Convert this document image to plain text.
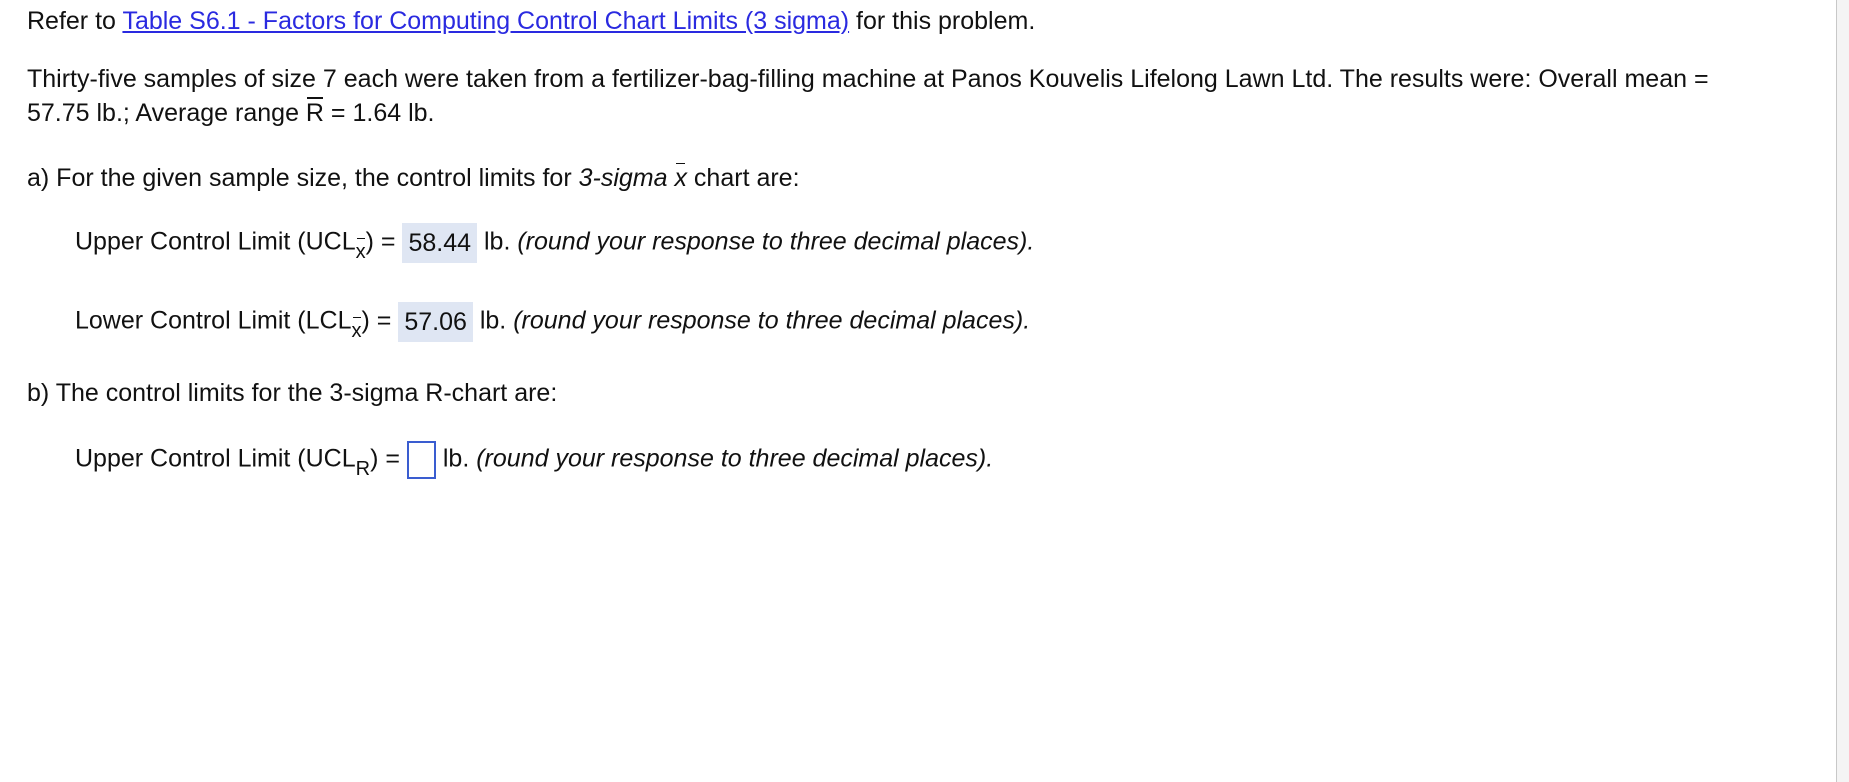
Refer to Table S6.1 - Factors for Computing Control Chart Limits (3 sigma) for this problem.
Thirty-five samples of size 7 each were taken from a fertilizer-bag-filling machine at Panos Kouvelis Lifelong Lawn Ltd. The results were: Overall mean =
57.75 lb.; Average range R = 1.64 lb.
a) For the given sample size, the control limits for 3-sigma x chart are:
Upper Control Limit (UCLx) = 58.44 lb. (round your response to three decimal places).
Lower Control Limit (LCLx) = 57.06 lb. (round your response to three decimal places).
b) The control limits for the 3-sigma R-chart are:
Upper Control Limit (UCLR) = lb. (round your response to three decimal places).
